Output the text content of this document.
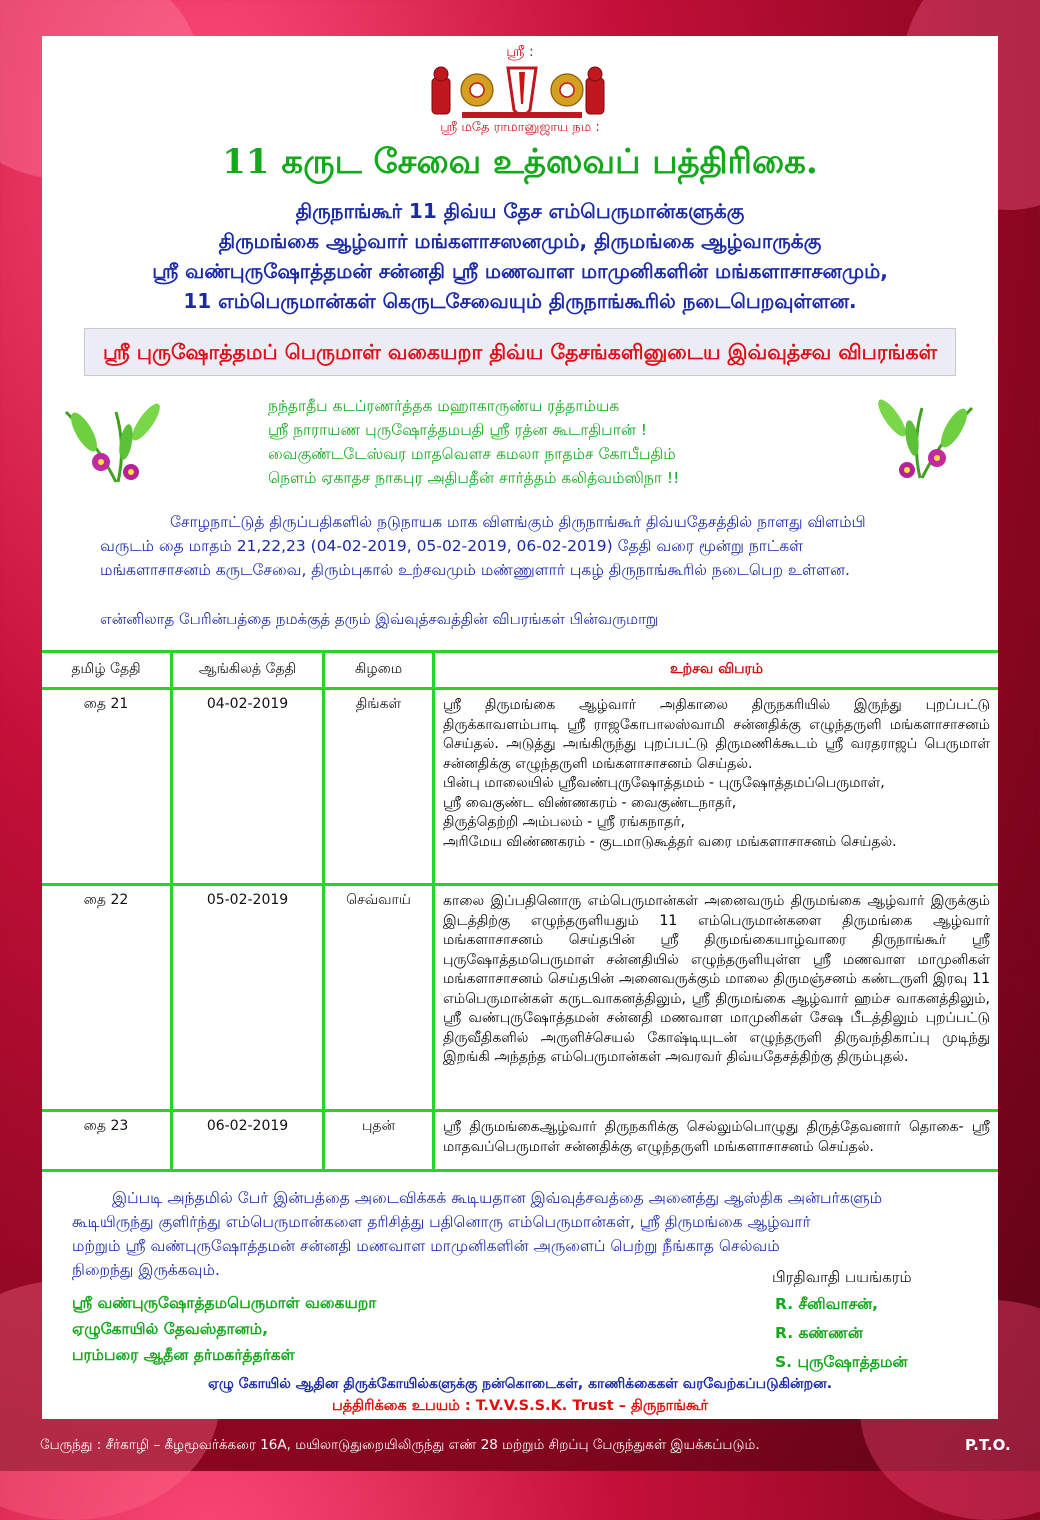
ஸ்ரீ :
ஸ்ரீ மதே ராமானுஜாய நம :
11 கருட சேவை உத்ஸவப் பத்திரிகை.
திருநாங்கூர் 11 திவ்ய தேச எம்பெருமான்களுக்கு
திருமங்கை ஆழ்வார் மங்களாசஸனமும், திருமங்கை ஆழ்வாருக்கு
ஸ்ரீ வண்புருஷோத்தமன் சன்னதி ஸ்ரீ மணவாள மாமுனிகளின் மங்களாசாசனமும்,
11 எம்பெருமான்கள் கெருடசேவையும் திருநாங்கூரில் நடைபெறவுள்ளன.
ஸ்ரீ புருஷோத்தமப் பெருமாள் வகையறா திவ்ய தேசங்களினுடைய இவ்வுத்சவ விபரங்கள்
நந்தாதீப கடப்ரணர்த்தக மஹாகாருண்ய ரத்தாம்யக
ஸ்ரீ நாராயண புருஷோத்தமபதி ஸ்ரீ ரத்ன கூடாதிபான் !
வைகுண்டடேஸ்வர மாதவௌச கமலா நாதம்ச கோபீபதிம்
நௌம் ஏகாதச நாகபுர அதிபதீன் சார்த்தம் கலித்வம்ஸிநா !!
சோழநாட்டுத் திருப்பதிகளில் நடுநாயக மாக விளங்கும் திருநாங்கூர் திவ்யதேசத்தில் நாளது விளம்பி
வருடம் தை மாதம் 21,22,23 (04-02-2019, 05-02-2019, 06-02-2019) தேதி வரை மூன்று நாட்கள்
மங்களாசாசனம் கருடசேவை, திரும்புகால் உற்சவமும் மண்ணுளார் புகழ் திருநாங்கூரில் நடைபெற உள்ளன.
என்னிலாத பேரின்பத்தை நமக்குத் தரும் இவ்வுத்சவத்தின் விபரங்கள் பின்வருமாறு
தமிழ் தேதி	ஆங்கிலத் தேதி	கிழமை	உற்சவ விபரம்
தை 21	04-02-2019	திங்கள்	ஸ்ரீ திருமங்கை ஆழ்வார் அதிகாலை திருநகரியில் இருந்து புறப்பட்டு திருக்காவளம்பாடி ஸ்ரீ ராஜகோபாலஸ்வாமி சன்னதிக்கு எழுந்தருளி மங்களாசாசனம் செய்தல். அடுத்து அங்கிருந்து புறப்பட்டு திருமணிக்கூடம் ஸ்ரீ வரதராஜப் பெருமாள் சன்னதிக்கு எழுந்தருளி மங்களாசாசனம் செய்தல்.
பின்பு மாலையில் ஸ்ரீவண்புருஷோத்தமம் - புருஷோத்தமப்பெருமாள்,
ஸ்ரீ வைகுண்ட விண்ணகரம் - வைகுண்டநாதர்,
திருத்தெற்றி அம்பலம் - ஸ்ரீ ரங்கநாதர்,
அரிமேய விண்ணகரம் - குடமாடுகூத்தர் வரை மங்களாசாசனம் செய்தல்.

தை 22	05-02-2019	செவ்வாய்	காலை இப்பதினொரு எம்பெருமான்கள் அனைவரும் திருமங்கை ஆழ்வார் இருக்கும் இடத்திற்கு எழுந்தருளியதும் 11 எம்பெருமான்களை திருமங்கை ஆழ்வார் மங்களாசாசனம் செய்தபின் ஸ்ரீ திருமங்கையாழ்வாரை திருநாங்கூர் ஸ்ரீ புருஷோத்தமபெருமாள் சன்னதியில் எழுந்தருளியுள்ள ஸ்ரீ மணவாள மாமுனிகள் மங்களாசாசனம் செய்தபின் அனைவருக்கும் மாலை திருமஞ்சனம் கண்டருளி இரவு 11 எம்பெருமான்கள் கருடவாகனத்திலும், ஸ்ரீ திருமங்கை ஆழ்வார் ஹம்ச வாகனத்திலும், ஸ்ரீ வண்புருஷோத்தமன் சன்னதி மணவாள மாமுனிகள் சேஷ பீடத்திலும் புறப்பட்டு திருவீதிகளில் அருளிச்செயல் கோஷ்டியுடன் எழுந்தருளி திருவந்திகாப்பு முடிந்து இறங்கி அந்தந்த எம்பெருமான்கள் அவரவர் திவ்யதேசத்திற்கு திரும்புதல்.

தை 23	06-02-2019	புதன்	ஸ்ரீ திருமங்கைஆழ்வார் திருநகரிக்கு செல்லும்பொழுது திருத்தேவனார் தொகை- ஸ்ரீ மாதவப்பெருமாள் சன்னதிக்கு எழுந்தருளி மங்களாசாசனம் செய்தல்.
இப்படி அந்தமில் பேர் இன்பத்தை அடைவிக்கக் கூடியதான இவ்வுத்சவத்தை அனைத்து ஆஸ்திக அன்பர்களும்
கூடியிருந்து குளிர்ந்து எம்பெருமான்களை தரிசித்து பதினொரு எம்பெருமான்கள், ஸ்ரீ திருமங்கை ஆழ்வார்
மற்றும் ஸ்ரீ வண்புருஷோத்தமன் சன்னதி மணவாள மாமுனிகளின் அருளைப் பெற்று நீங்காத செல்வம்
நிறைந்து இருக்கவும்.
ஸ்ரீ வண்புருஷோத்தமபெருமாள் வகையறா
ஏழுகோயில் தேவஸ்தானம்,
பரம்பரை ஆதீன தர்மகர்த்தர்கள்
பிரதிவாதி பயங்கரம்
R. சீனிவாசன்,
R. கண்ணன்
S. புருஷோத்தமன்
ஏழு கோயில் ஆதின திருக்கோயில்களுக்கு நன்கொடைகள், காணிக்கைகள் வரவேற்கப்படுகின்றன.
பத்திரிக்கை உபயம் : T.V.V.S.S.K. Trust – திருநாங்கூர்
பேருந்து : சீர்காழி – கீழமூவர்க்கரை 16A, மயிலாடுதுறையிலிருந்து எண் 28 மற்றும் சிறப்பு பேருந்துகள் இயக்கப்படும்.	P.T.O.
